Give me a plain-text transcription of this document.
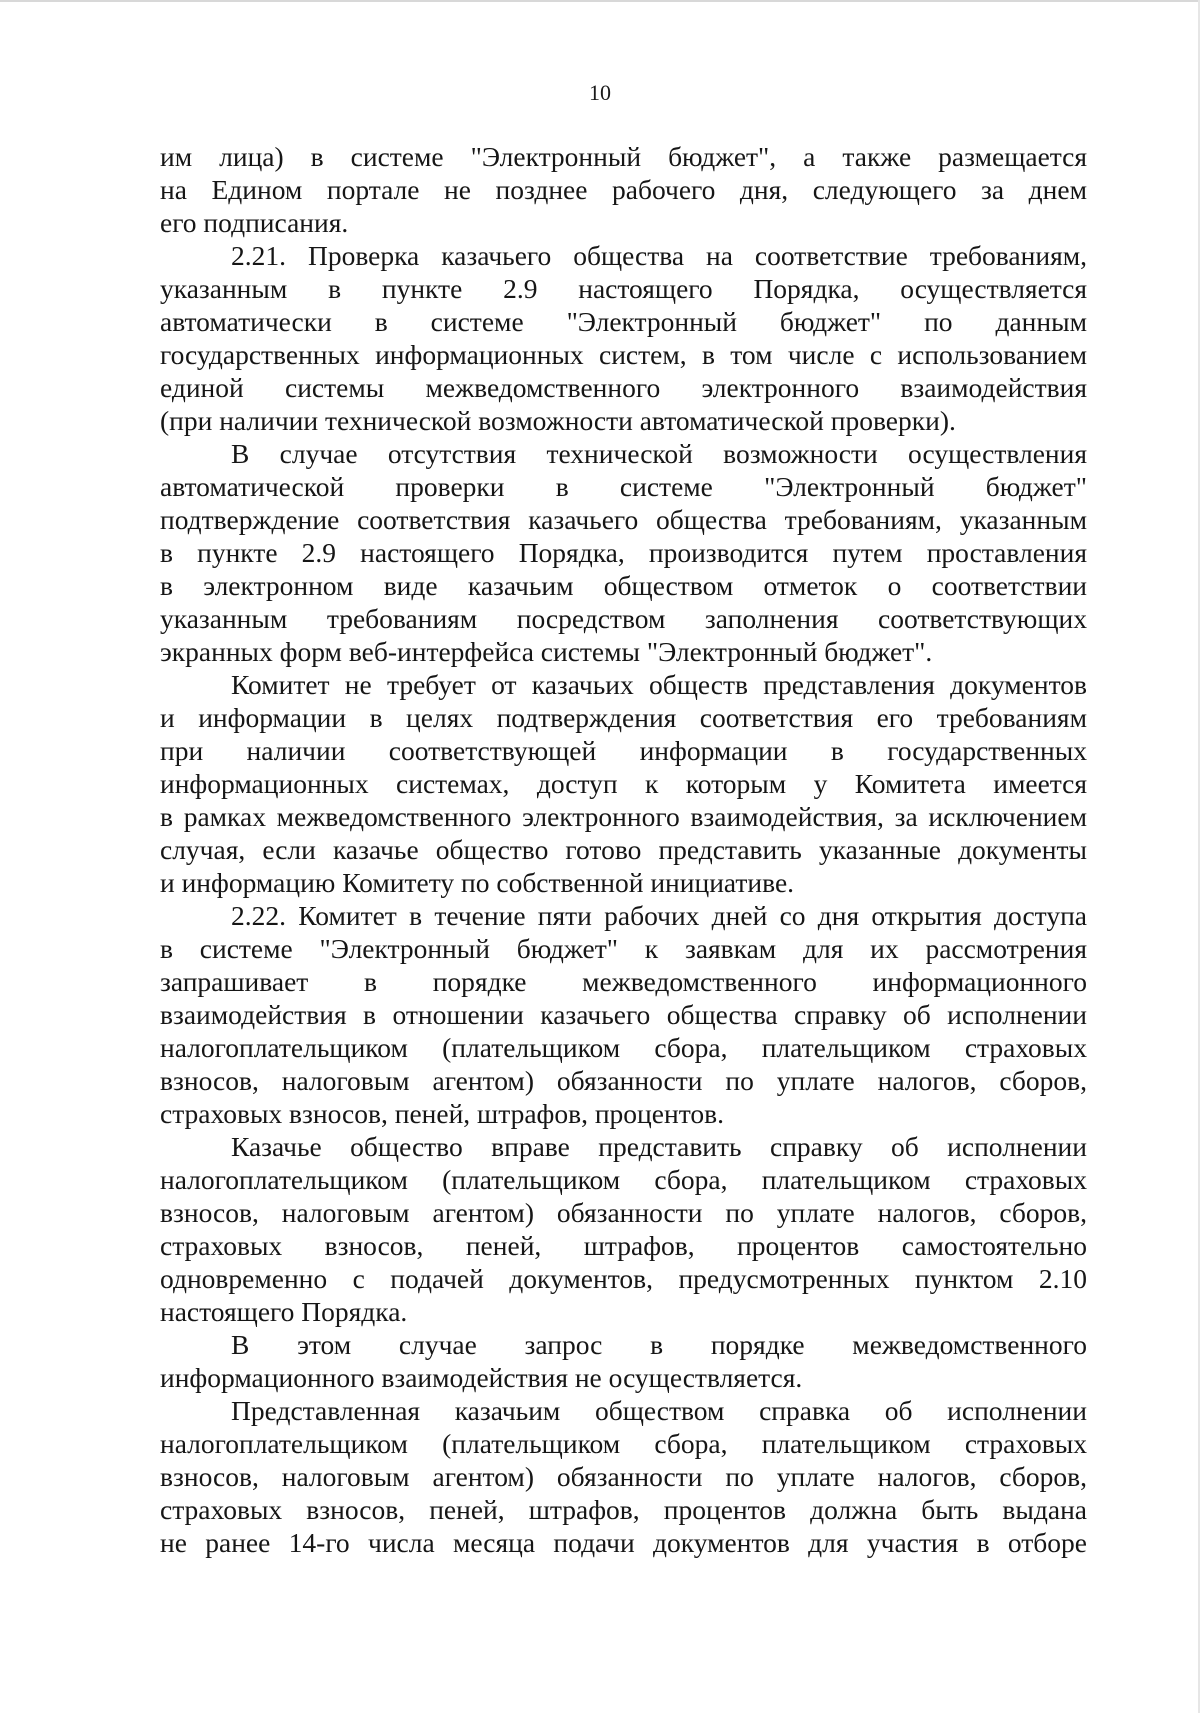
10
им лица) в системе "Электронный бюджет", а также размещается
на Едином портале не позднее рабочего дня, следующего за днем
его подписания.
2.21. Проверка казачьего общества на соответствие требованиям,
указанным в пункте 2.9 настоящего Порядка, осуществляется
автоматически в системе "Электронный бюджет" по данным
государственных информационных систем, в том числе с использованием
единой системы межведомственного электронного взаимодействия
(при наличии технической возможности автоматической проверки).
В случае отсутствия технической возможности осуществления
автоматической проверки в системе "Электронный бюджет"
подтверждение соответствия казачьего общества требованиям, указанным
в пункте 2.9 настоящего Порядка, производится путем проставления
в электронном виде казачьим обществом отметок о соответствии
указанным требованиям посредством заполнения соответствующих
экранных форм веб-интерфейса системы "Электронный бюджет".
Комитет не требует от казачьих обществ представления документов
и информации в целях подтверждения соответствия его требованиям
при наличии соответствующей информации в государственных
информационных системах, доступ к которым у Комитета имеется
в рамках межведомственного электронного взаимодействия, за исключением
случая, если казачье общество готово представить указанные документы
и информацию Комитету по собственной инициативе.
2.22. Комитет в течение пяти рабочих дней со дня открытия доступа
в системе "Электронный бюджет" к заявкам для их рассмотрения
запрашивает в порядке межведомственного информационного
взаимодействия в отношении казачьего общества справку об исполнении
налогоплательщиком (плательщиком сбора, плательщиком страховых
взносов, налоговым агентом) обязанности по уплате налогов, сборов,
страховых взносов, пеней, штрафов, процентов.
Казачье общество вправе представить справку об исполнении
налогоплательщиком (плательщиком сбора, плательщиком страховых
взносов, налоговым агентом) обязанности по уплате налогов, сборов,
страховых взносов, пеней, штрафов, процентов самостоятельно
одновременно с подачей документов, предусмотренных пунктом 2.10
настоящего Порядка.
В этом случае запрос в порядке межведомственного
информационного взаимодействия не осуществляется.
Представленная казачьим обществом справка об исполнении
налогоплательщиком (плательщиком сбора, плательщиком страховых
взносов, налоговым агентом) обязанности по уплате налогов, сборов,
страховых взносов, пеней, штрафов, процентов должна быть выдана
не ранее 14-го числа месяца подачи документов для участия в отборе
